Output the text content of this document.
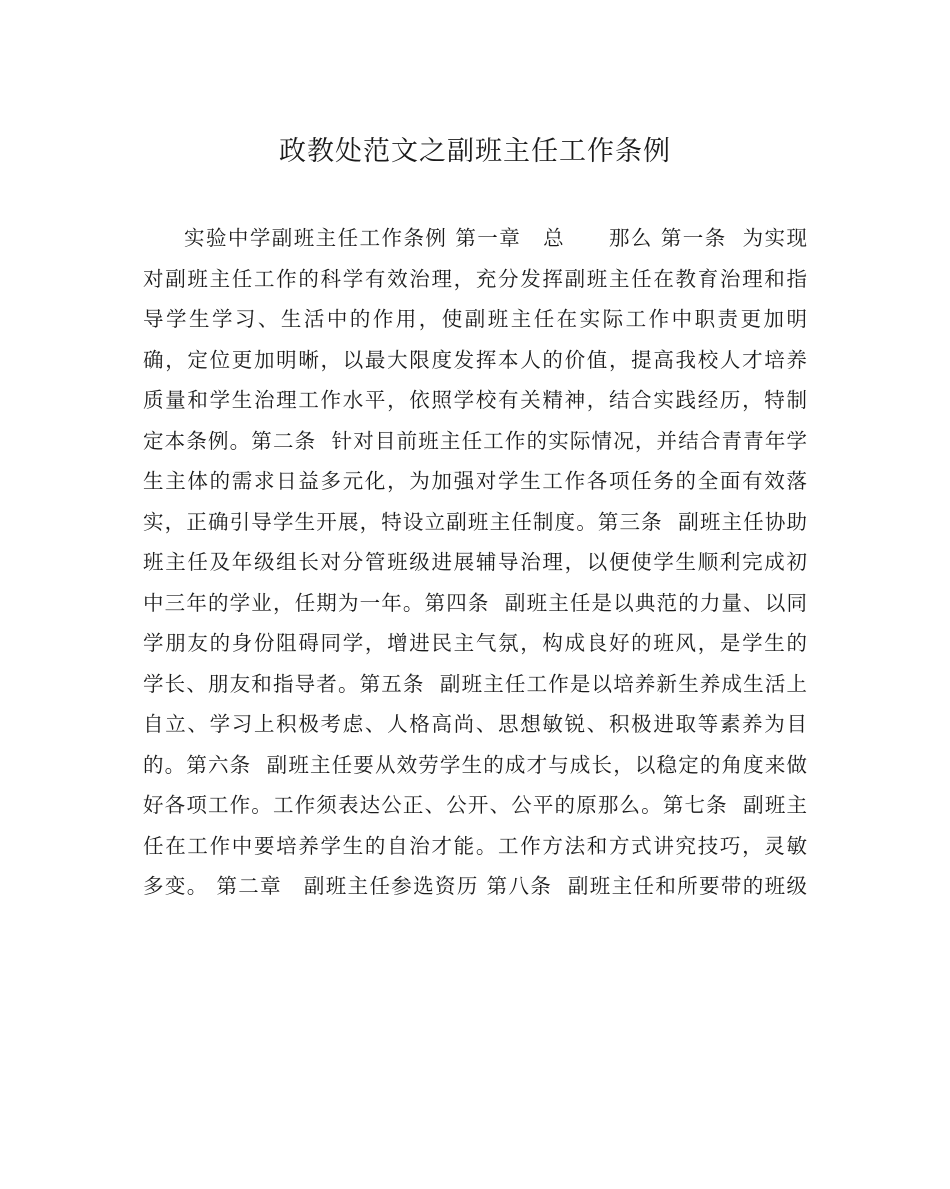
政教处范文之副班主任工作条例
实验中学副班主任工作条例 第一章　总　　那么 第一条  为实现
对副班主任工作的科学有效治理，充分发挥副班主任在教育治理和指
导学生学习、生活中的作用，使副班主任在实际工作中职责更加明
确，定位更加明晰，以最大限度发挥本人的价值，提高我校人才培养
质量和学生治理工作水平，依照学校有关精神，结合实践经历，特制
定本条例。第二条  针对目前班主任工作的实际情况，并结合青青年学
生主体的需求日益多元化，为加强对学生工作各项任务的全面有效落
实，正确引导学生开展，特设立副班主任制度。第三条  副班主任协助
班主任及年级组长对分管班级进展辅导治理，以便使学生顺利完成初
中三年的学业，任期为一年。第四条  副班主任是以典范的力量、以同
学朋友的身份阻碍同学，增进民主气氛，构成良好的班风，是学生的
学长、朋友和指导者。第五条  副班主任工作是以培养新生养成生活上
自立、学习上积极考虑、人格高尚、思想敏锐、积极进取等素养为目
的。第六条  副班主任要从效劳学生的成才与成长，以稳定的角度来做
好各项工作。工作须表达公正、公开、公平的原那么。第七条  副班主
任在工作中要培养学生的自治才能。工作方法和方式讲究技巧，灵敏
多变。 第二章　副班主任参选资历 第八条  副班主任和所要带的班级
